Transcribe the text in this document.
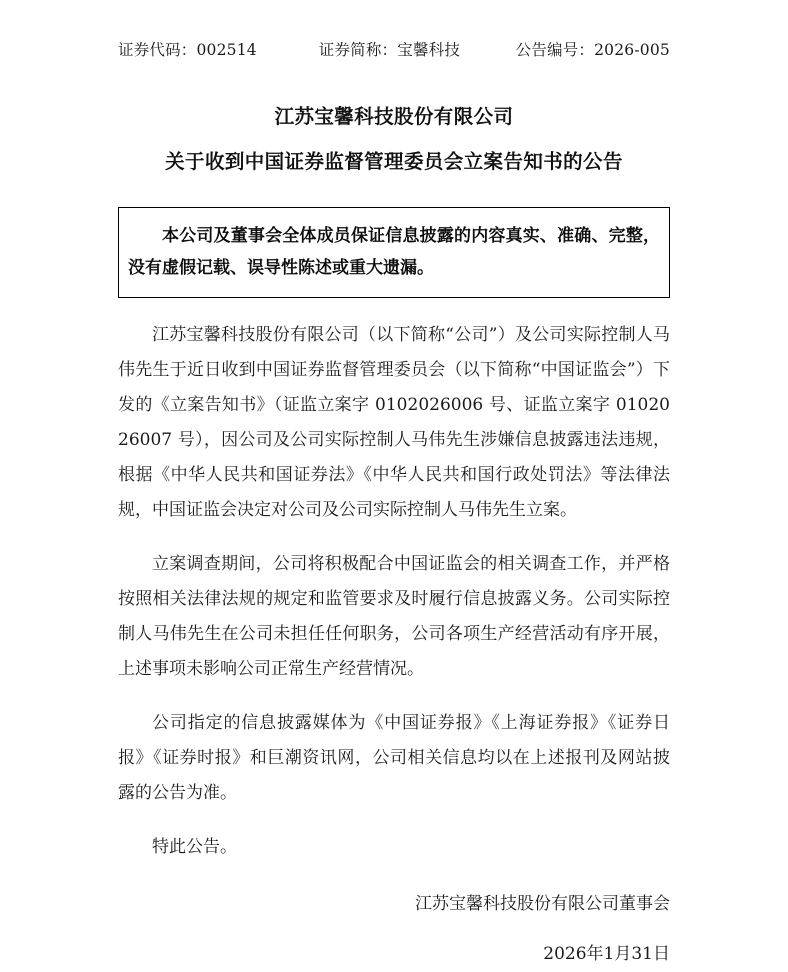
证券代码：002514	证券简称：宝馨科技	公告编号：2026-005
江苏宝馨科技股份有限公司
关于收到中国证券监督管理委员会立案告知书的公告
本公司及董事会全体成员保证信息披露的内容真实、准确、完整，没有虚假记载、误导性陈述或重大遗漏。

江苏宝馨科技股份有限公司（以下简称“公司”）及公司实际控制人马伟先生于近日收到中国证券监督管理委员会（以下简称“中国证监会”）下发的《立案告知书》（证监立案字 0102026006 号、证监立案字 0102026007 号），因公司及公司实际控制人马伟先生涉嫌信息披露违法违规，根据《中华人民共和国证券法》《中华人民共和国行政处罚法》等法律法规，中国证监会决定对公司及公司实际控制人马伟先生立案。

立案调查期间，公司将积极配合中国证监会的相关调查工作，并严格按照相关法律法规的规定和监管要求及时履行信息披露义务。公司实际控制人马伟先生在公司未担任任何职务，公司各项生产经营活动有序开展，上述事项未影响公司正常生产经营情况。

公司指定的信息披露媒体为《中国证券报》《上海证券报》《证券日报》《证券时报》和巨潮资讯网，公司相关信息均以在上述报刊及网站披露的公告为准。

特此公告。

江苏宝馨科技股份有限公司董事会
2026年1月31日
